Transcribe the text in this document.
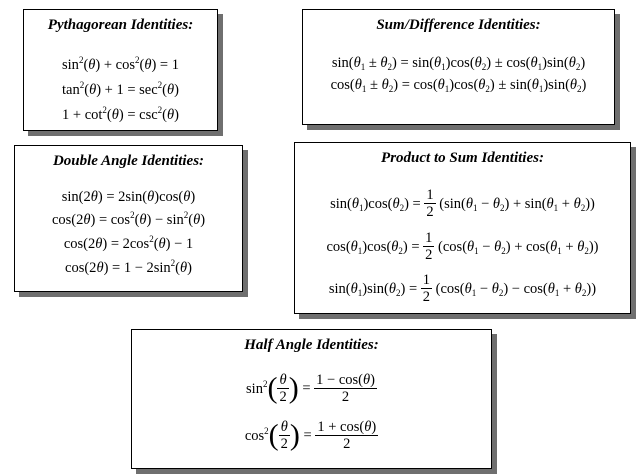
Pythagorean Identities:
$\sin^2(\theta) + \cos^2(\theta) = 1$
$\tan^2(\theta) + 1 = \sec^2(\theta)$
$1 + \cot^2(\theta) = \csc^2(\theta)$
Sum/Difference Identities:
$\sin(\theta_1 \pm \theta_2) = \sin(\theta_1)\cos(\theta_2) \pm \cos(\theta_1)\sin(\theta_2)$
$\cos(\theta_1 \pm \theta_2) = \cos(\theta_1)\cos(\theta_2) \pm \sin(\theta_1)\sin(\theta_2)$
Double Angle Identities:
sin(2θ) = 2sin(θ)cos(θ)
$\cos(2\theta) = \cos^2(\theta) - \sin^2(\theta)$
$\cos(2\theta) = 2\cos^2(\theta) - 1$
$\cos(2\theta) = 1 - 2\sin^2(\theta)$
Product to Sum Identities:
$\sin(\theta_1)\cos(\theta_2) = \frac{1}{2} (\sin(\theta_1 - \theta_2) + \sin(\theta_1 + \theta_2))$
$\cos(\theta_1)\cos(\theta_2) = \frac{1}{2} (\cos(\theta_1 - \theta_2) + \cos(\theta_1 + \theta_2))$
$\sin(\theta_1)\sin(\theta_2) = \frac{1}{2} (\cos(\theta_1 - \theta_2) - \cos(\theta_1 + \theta_2))$
Half Angle Identities:
$\sin^2( \frac{\theta}{2}$ ) = $\frac{1 - \cos(\theta)}{2}$
$\cos^2( \frac{\theta}{2}$ ) = $\frac{1 + \cos(\theta)}{2}$
